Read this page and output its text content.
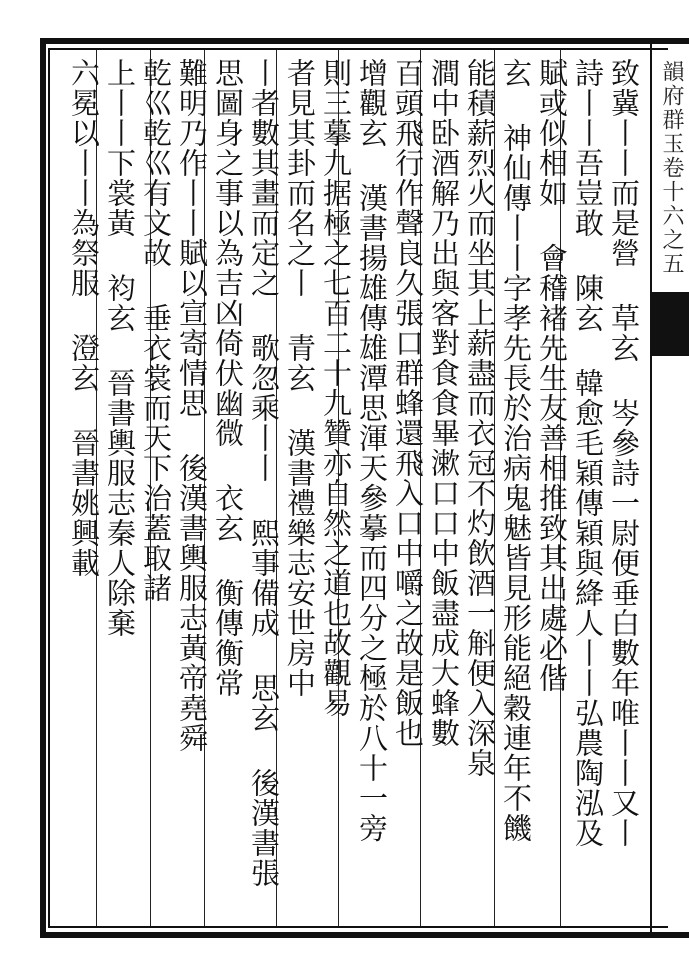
韻府群玉卷十六之五
致冀丨丨而是營 草玄 岑參詩一尉便垂白數年唯丨丨又丨
詩丨丨吾豈敢 陳玄 韓愈毛穎傳穎與絳人丨丨弘農陶泓及
賦或似相如 會稽褚先生友善相推致其出處必偕
玄 神仙傳丨丨字孝先長於治病鬼魅皆見形能絕穀連年不饑
能積薪烈火而坐其上薪盡而衣冠不灼飲酒一斛便入深泉
澗中卧酒解乃出與客對食食畢漱口口中飯盡成大蜂數
百頭飛行作聲良久張口群蜂還飛入口中嚼之故是飯也
增觀玄 漢書揚雄傳雄潭思渾天參摹而四分之極於八十一旁
則三摹九据極之七百二十九贊亦自然之道也故觀易
者見其卦而名之丨 青玄 漢書禮樂志安世房中
丨者數其畫而定之 歌忽乘丨丨 熙事備成 思玄 後漢書張
思圖身之事以為吉凶倚伏幽微 衣玄 衡傳衡常
難明乃作丨丨賦以宣寄情思 後漢書輿服志黃帝堯舜
乾巛乾巛有文故 垂衣裳而天下治蓋取諸
上丨丨下裳黃 袀玄 晉書輿服志秦人除棄
六冕以丨丨為祭服 澄玄 晉書姚興載
